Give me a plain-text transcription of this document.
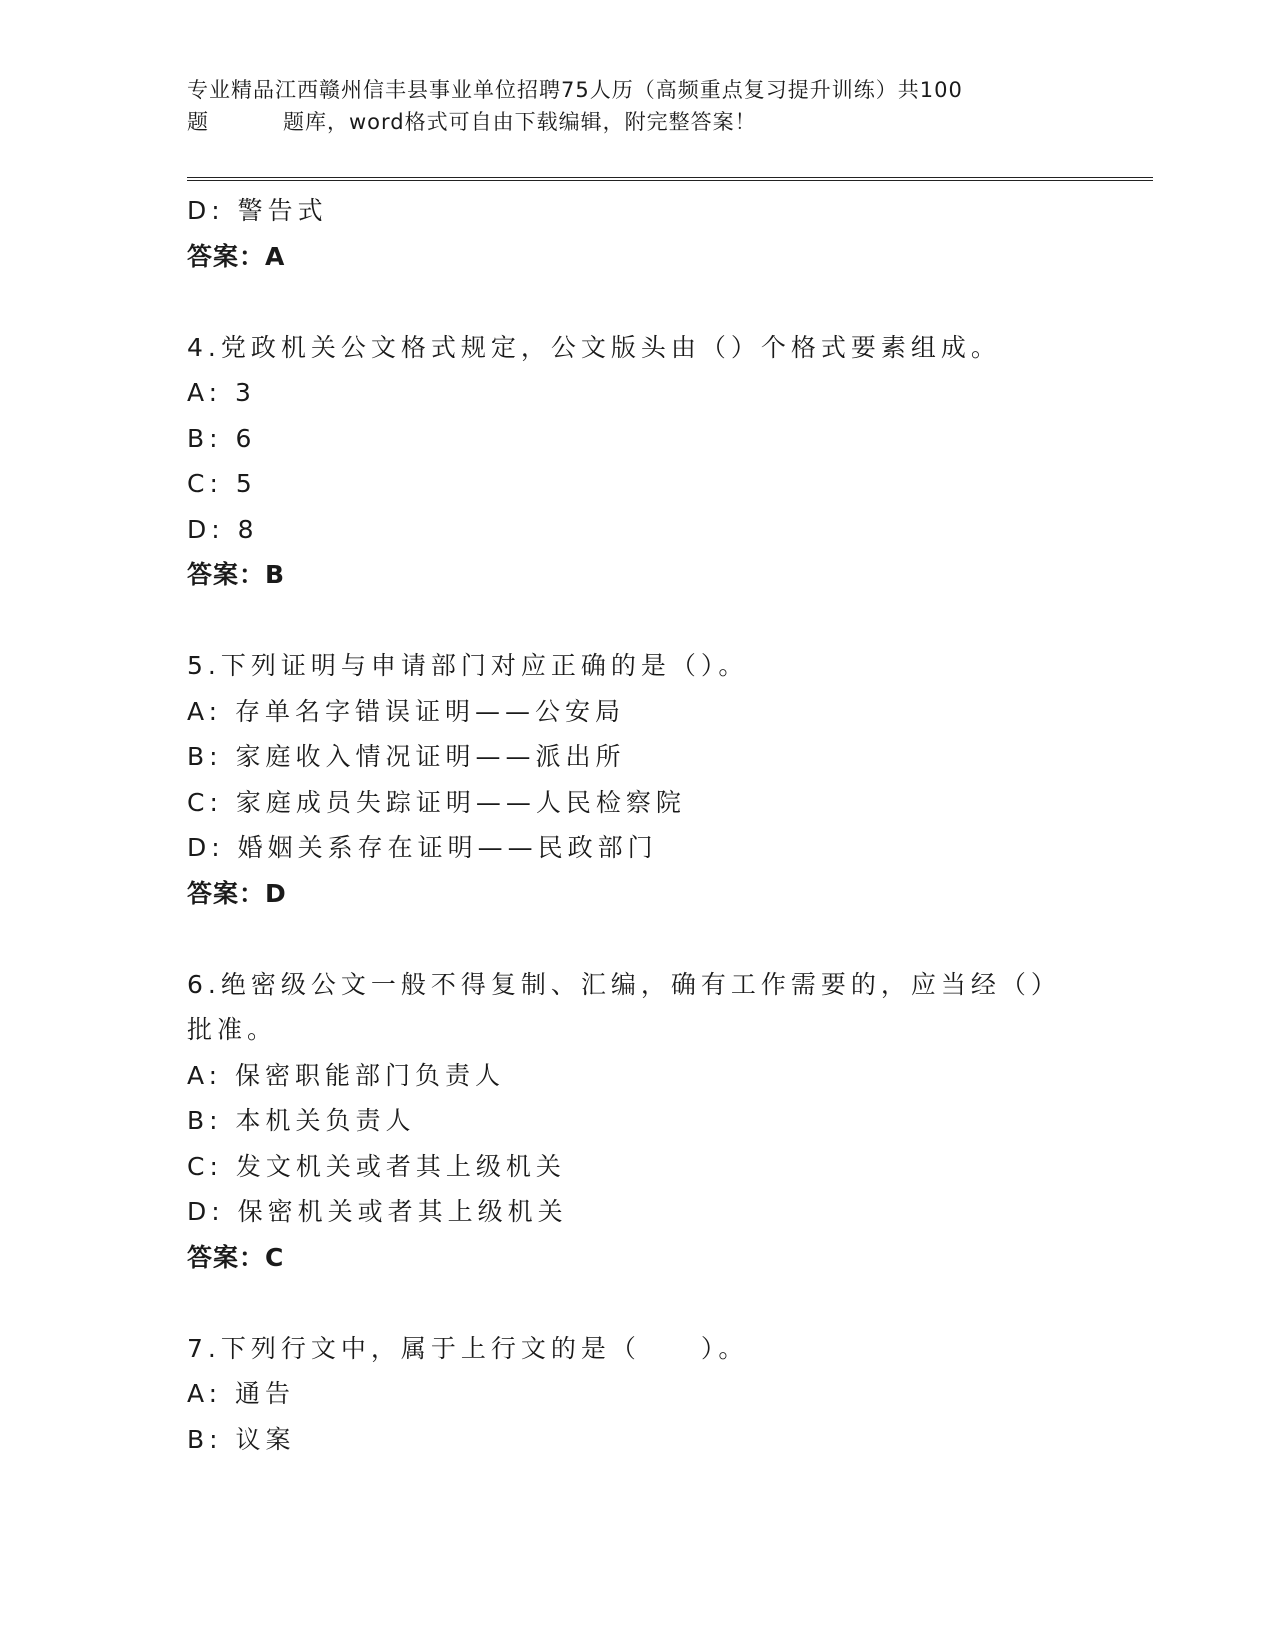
专业精品江西赣州信丰县事业单位招聘75人历（高频重点复习提升训练）共100
题	题库，word格式可自由下载编辑，附完整答案！
D: 警告式
答案：A
4.党政机关公文格式规定，公文版头由（）个格式要素组成。
A: 3
B: 6
C: 5
D: 8
答案：B
5.下列证明与申请部门对应正确的是（）。
A: 存单名字错误证明——公安局
B: 家庭收入情况证明——派出所
C: 家庭成员失踪证明——人民检察院
D: 婚姻关系存在证明——民政部门
答案：D
6.绝密级公文一般不得复制、汇编，确有工作需要的，应当经（）批准。
A: 保密职能部门负责人
B: 本机关负责人
C: 发文机关或者其上级机关
D: 保密机关或者其上级机关
答案：C
7.下列行文中，属于上行文的是（　　）。
A: 通告
B: 议案
